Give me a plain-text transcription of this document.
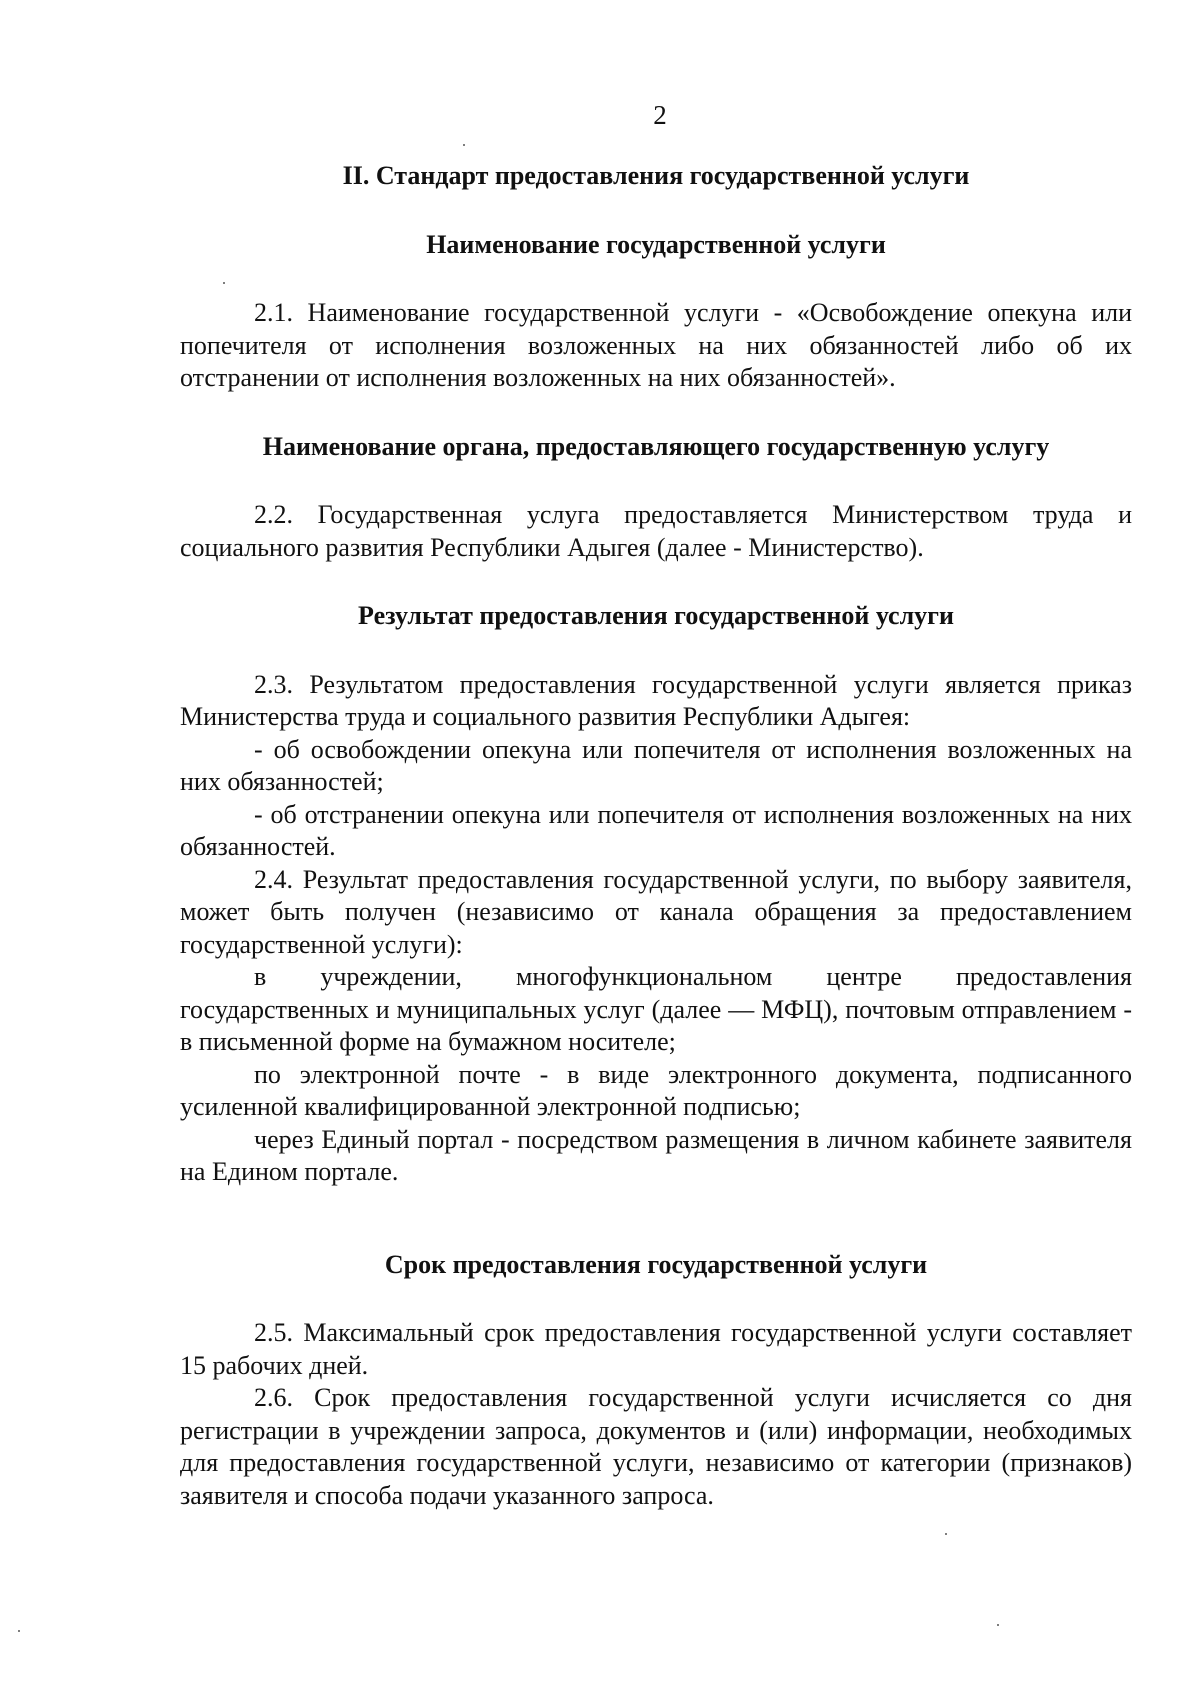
2

II. Стандарт предоставления государственной услуги

Наименование государственной услуги

2.1. Наименование государственной услуги - «Освобождение опекуна или попечителя от исполнения возложенных на них обязанностей либо об их отстранении от исполнения возложенных на них обязанностей».

Наименование органа, предоставляющего государственную услугу

2.2. Государственная услуга предоставляется Министерством труда и социального развития Республики Адыгея (далее - Министерство).

Результат предоставления государственной услуги

2.3. Результатом предоставления государственной услуги является приказ Министерства труда и социального развития Республики Адыгея:

- об освобождении опекуна или попечителя от исполнения возложенных на них обязанностей;

- об отстранении опекуна или попечителя от исполнения возложенных на них обязанностей.

2.4. Результат предоставления государственной услуги, по выбору заявителя, может быть получен (независимо от канала обращения за предоставлением государственной услуги):

в учреждении, многофункциональном центре предоставления государственных и муниципальных услуг (далее — МФЦ), почтовым отправлением - в письменной форме на бумажном носителе;

по электронной почте - в виде электронного документа, подписанного усиленной квалифицированной электронной подписью;

через Единый портал - посредством размещения в личном кабинете заявителя на Едином портале.

Срок предоставления государственной услуги

2.5. Максимальный срок предоставления государственной услуги составляет 15 рабочих дней.

2.6. Срок предоставления государственной услуги исчисляется со дня регистрации в учреждении запроса, документов и (или) информации, необходимых для предоставления государственной услуги, независимо от категории (признаков) заявителя и способа подачи указанного запроса.
